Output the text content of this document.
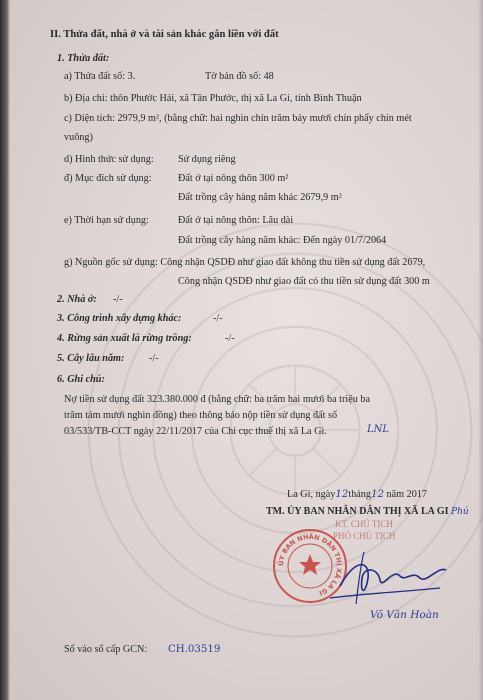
II. Thửa đất, nhà ở và tài sản khác gắn liền với đất
1. Thửa đất:
a) Thửa đất số: 3.	Tờ bản đồ số: 48
b) Địa chỉ: thôn Phước Hải, xã Tân Phước, thị xã La Gi, tỉnh Bình Thuận
c) Diện tích: 2979,9 m², (bằng chữ: hai nghìn chín trăm bảy mươi chín phẩy chín mét
vuông)
d) Hình thức sử dụng: Sử dụng riêng
đ) Mục đích sử dụng:	Đất ở tại nông thôn 300 m²
Đất trồng cây hàng năm khác 2679,9 m²
e) Thời hạn sử dụng:	Đất ở tại nông thôn: Lâu dài
Đất trồng cây hàng năm khác: Đến ngày 01/7/2064
g) Nguồn gốc sử dụng: Công nhận QSDĐ như giao đất không thu tiền sử dụng đất 2679,
Công nhận QSDĐ như giao đất có thu tiền sử dụng đất 300 m
2. Nhà ở: -/-
3. Công trình xây dựng khác:	-/-
4. Rừng sản xuất là rừng trồng:	-/-
5. Cây lâu năm: -/-
6. Ghi chú:
Nợ tiền sử dụng đất 323.380.000 đ (bằng chữ: ba trăm hai mươi ba triệu ba
trăm tám mươi nghìn đồng) theo thông báo nộp tiền sử dụng đất số
03/533/TB-CCT ngày 22/11/2017 của Chi cục thuế thị xã La Gi.	LNL
La Gi, ngày12tháng12 năm 2017
TM. ỦY BAN NHÂN DÂN THỊ XÃ LA GI Phú
KT. CHỦ TỊCH
PHÓ CHỦ TỊCH
ỦY BAN NHÂN DÂN THỊ XÃ LA GI
Võ Văn Hoàn
Số vào sổ cấp GCN: CH.03519
